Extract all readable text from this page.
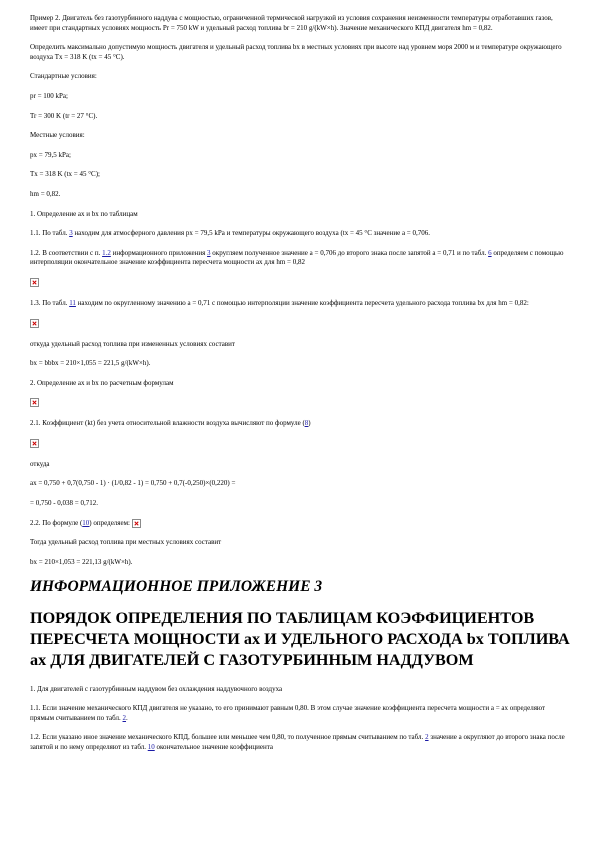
Пример 2. Двигатель без газотурбинного наддува с мощностью, ограниченной термической нагрузкой из условия сохранения неизменности температуры отработавших газов, имеет при стандартных условиях мощность Pr = 750 kW и удельный расход топлива br = 210 g/(kW×h). Значение механического КПД двигателя hm = 0,82.

Определить максимально допустимую мощность двигателя и удельный расход топлива bx в местных условиях при высоте над уровнем моря 2000 м и температуре окружающего воздуха Tx = 318 K (tx = 45 °C).

Стандартные условия:

pr = 100 kPa;

Tr = 300 K (tr = 27 °C).

Местные условия:

px = 79,5 kPa;

Tx = 318 K (tx = 45 °C);

hm = 0,82.

1. Определение ax и bx по таблицам

1.1. По табл. 3 находим для атмосферного давления px = 79,5 kPa и температуры окружающего воздуха (tx = 45 °C значение a = 0,706.

1.2. В соответствии с п. 1.2 информационного приложения 3 округляем полученное значение a = 0,706 до второго знака после запятой a = 0,71 и по табл. 6 определяем с помощью интерполяции окончательное значение коэффициента пересчета мощности ax для hm = 0,82

1.3. По табл. 11 находим по округленному значению a = 0,71 с помощью интерполяции значение коэффициента пересчета удельного расхода топлива bx для hm = 0,82:

откуда удельный расход топлива при измененных условиях составит

bx = bbbx = 210×1,055 = 221,5 g/(kW×h).

2. Определение ax и bx по расчетным формулам

2.1. Коэффициент (kt) без учета относительной влажности воздуха вычисляют по формуле (8)

откуда

ax = 0,750 + 0,7(0,750 - 1) · (1/0,82 - 1) = 0,750 + 0,7(-0,250)×(0,220) =

= 0,750 - 0,038 = 0,712.

2.2. По формуле (10) определяем:

Тогда удельный расход топлива при местных условиях составит

bx = 210×1,053 = 221,13 g/(kW×h).

ИНФОРМАЦИОННОЕ ПРИЛОЖЕНИЕ 3
ПОРЯДОК ОПРЕДЕЛЕНИЯ ПО ТАБЛИЦАМ КОЭФФИЦИЕНТОВ ПЕРЕСЧЕТА МОЩНОСТИ ax И УДЕЛЬНОГО РАСХОДА bx ТОПЛИВА ax ДЛЯ ДВИГАТЕЛЕЙ С ГАЗОТУРБИННЫМ НАДДУВОМ

1. Для двигателей с газотурбинным наддувом без охлаждения наддувочного воздуха

1.1. Если значение механического КПД двигателя не указано, то его принимают равным 0,80. В этом случае значение коэффициента пересчета мощности a = ax определяют прямым считыванием по табл. 2.

1.2. Если указано иное значение механического КПД, большее или меньшее чем 0,80, то полученное прямым считыванием по табл. 2 значение a округляют до второго знака после запятой и по нему определяют из табл. 10 окончательное значение коэффициента
